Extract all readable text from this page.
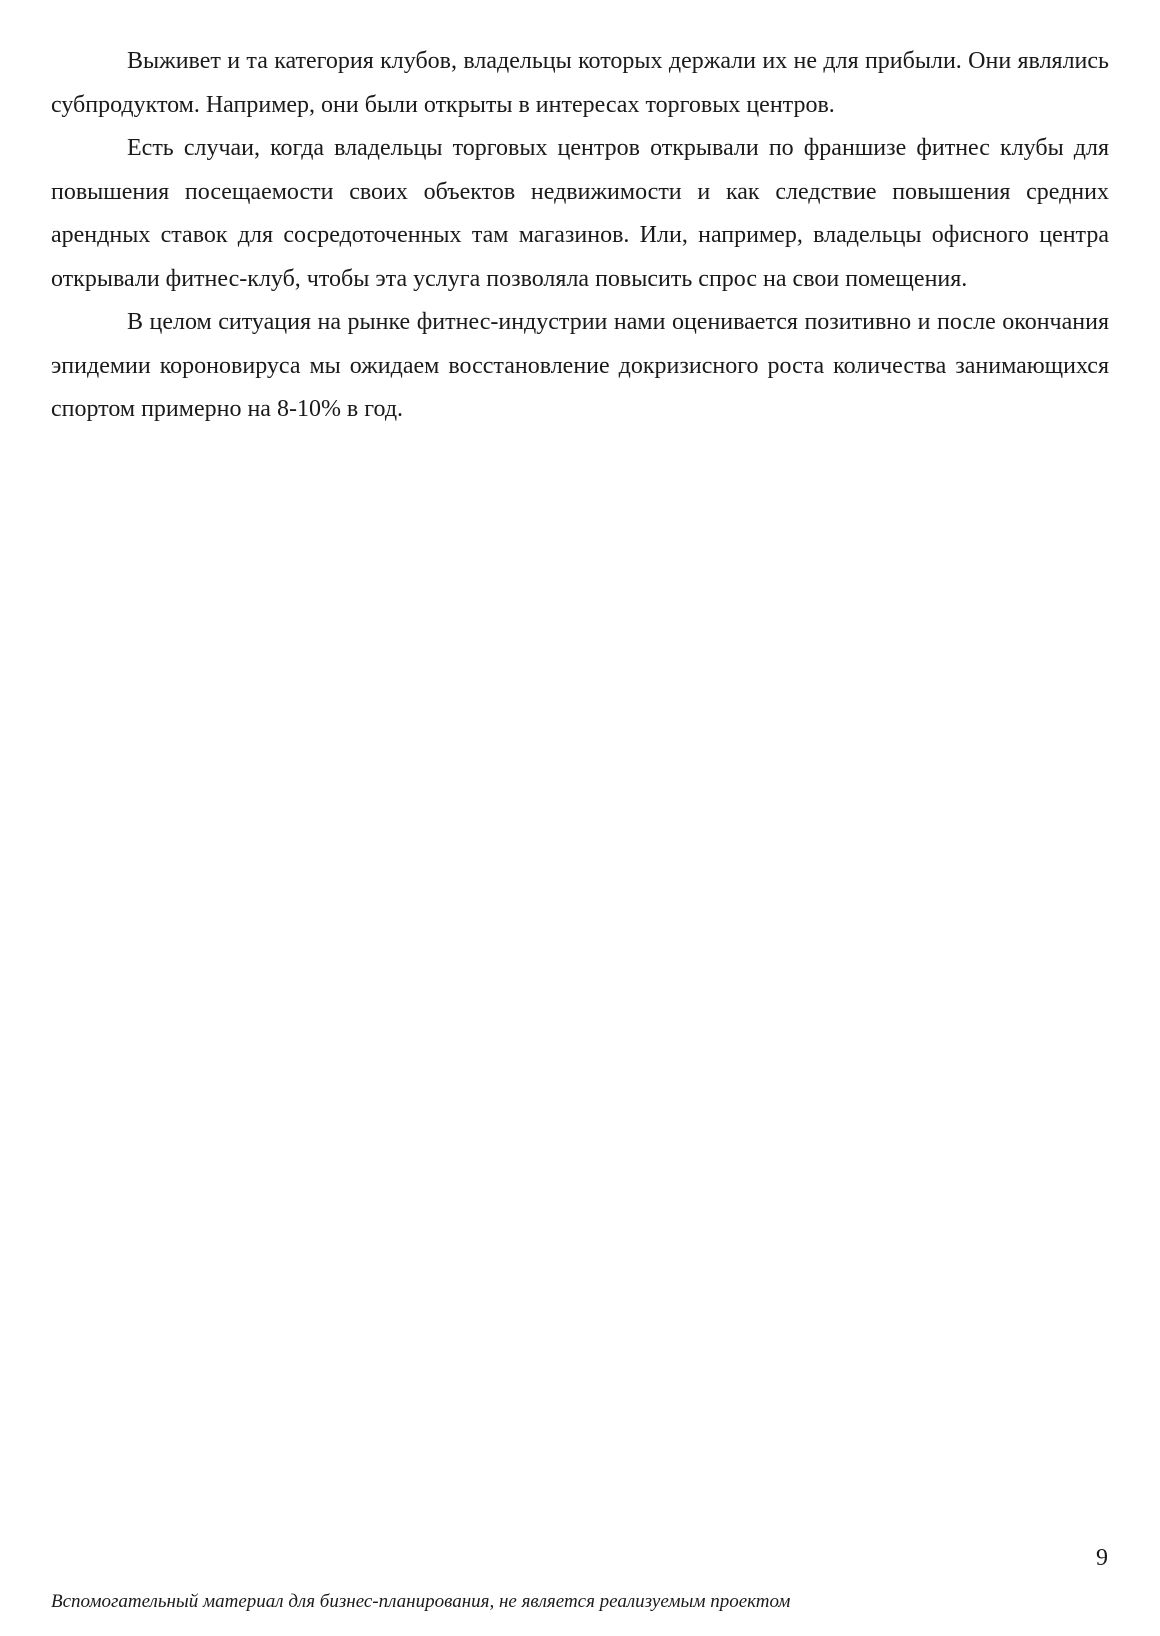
Выживет и та категория клубов, владельцы которых держали их не для прибыли. Они являлись субпродуктом. Например, они были открыты в интересах торговых центров.

Есть случаи, когда владельцы торговых центров открывали по франшизе фитнес клубы для повышения посещаемости своих объектов недвижимости и как следствие повышения средних арендных ставок для сосредоточенных там магазинов. Или, например, владельцы офисного центра открывали фитнес-клуб, чтобы эта услуга позволяла повысить спрос на свои помещения.

В целом ситуация на рынке фитнес-индустрии нами оценивается позитивно и после окончания эпидемии короновируса мы ожидаем восстановление докризисного роста количества занимающихся спортом примерно на 8-10% в год.

9
Вспомогательный материал для бизнес-планирования, не является реализуемым проектом
